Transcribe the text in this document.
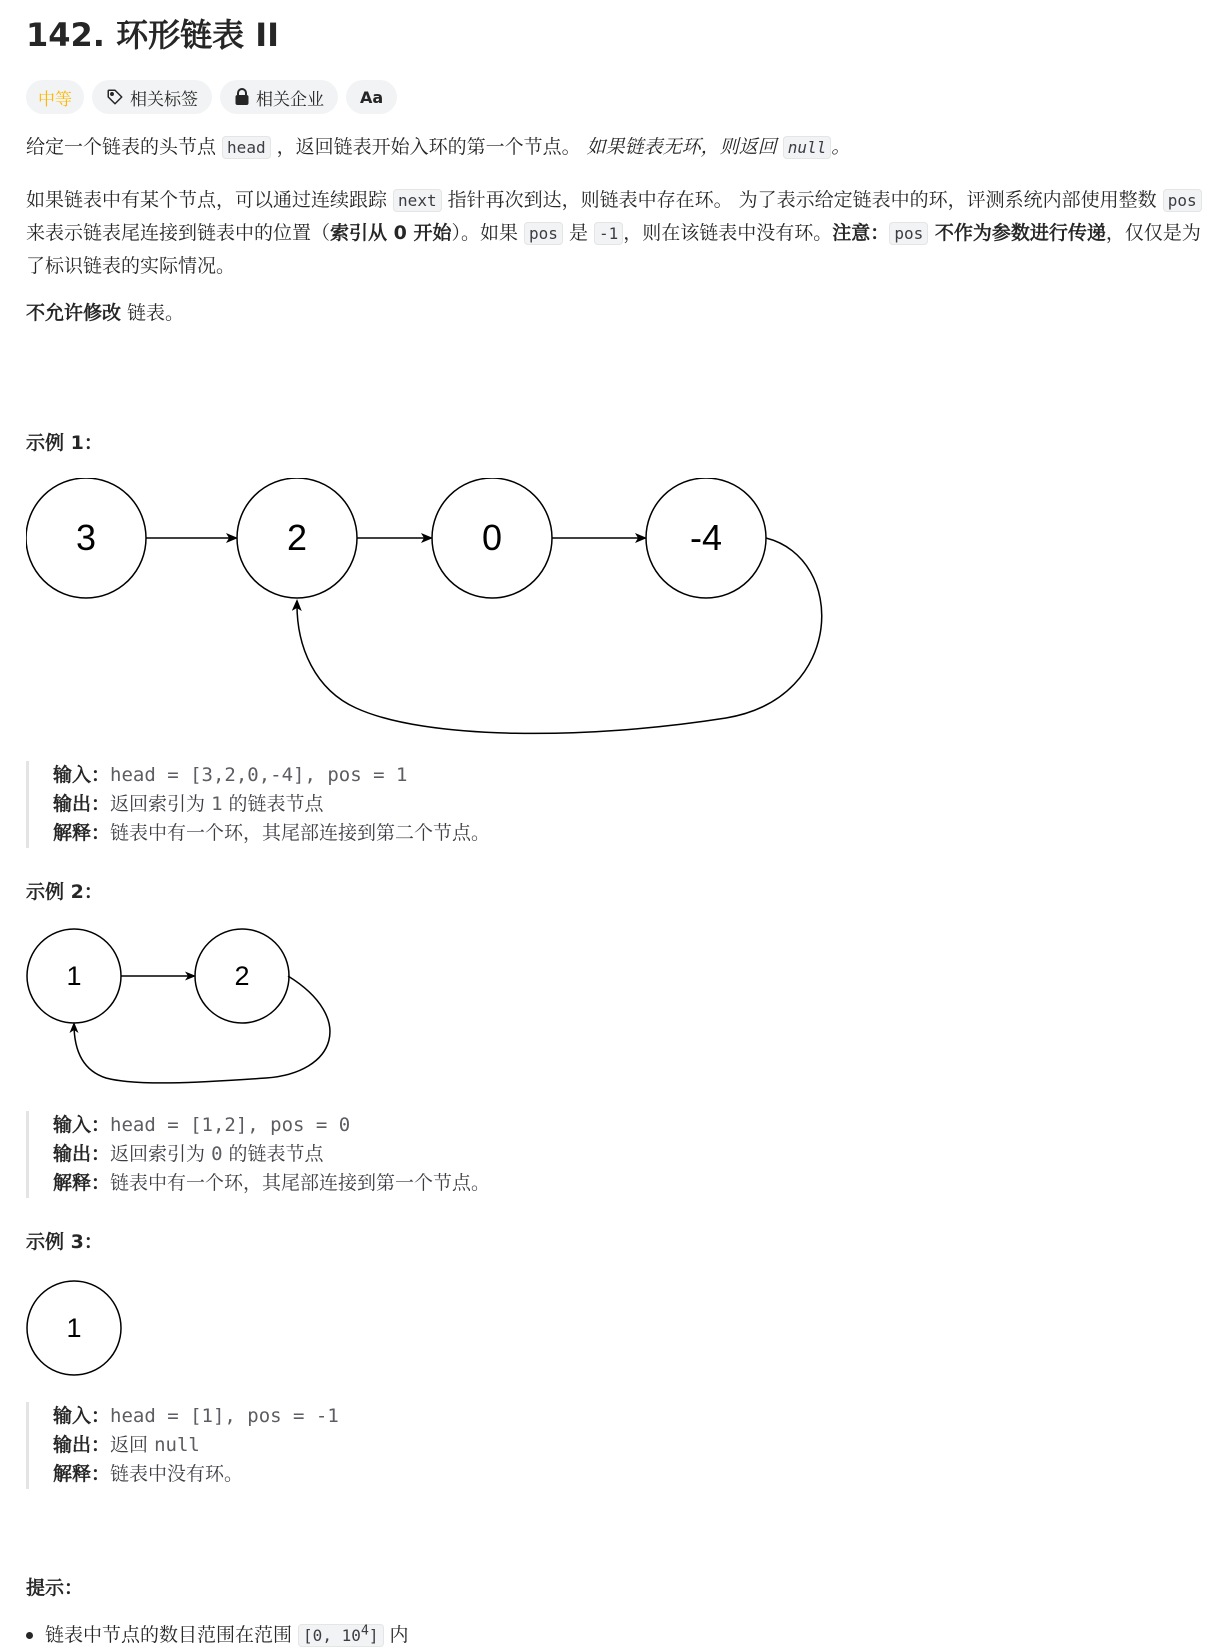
142. 环形链表 II
中等	相关标签	相关企业 Aa

给定一个链表的头节点 head ，返回链表开始入环的第一个节点。 如果链表无环，则返回 null 。

如果链表中有某个节点，可以通过连续跟踪 next 指针再次到达，则链表中存在环。 为了表示给定链表中的环，评测系统内部使用整数 pos 来表示链表尾连接到链表中的位置（索引从 0 开始）。如果 pos 是 -1 ，则在该链表中没有环。注意： pos 不作为参数进行传递，仅仅是为了标识链表的实际情况。

不允许修改 链表。

示例 1：

3	2	0	-4
输入：head = [3,2,0,-4], pos = 1
输出：返回索引为 1 的链表节点
解释：链表中有一个环，其尾部连接到第二个节点。

示例 2：

1	2
输入：head = [1,2], pos = 0
输出：返回索引为 0 的链表节点
解释：链表中有一个环，其尾部连接到第一个节点。

示例 3：

1
输入：head = [1], pos = -1
输出：返回 null
解释：链表中没有环。

提示：

链表中节点的数目范围在范围 [0, $10^4$] 内
